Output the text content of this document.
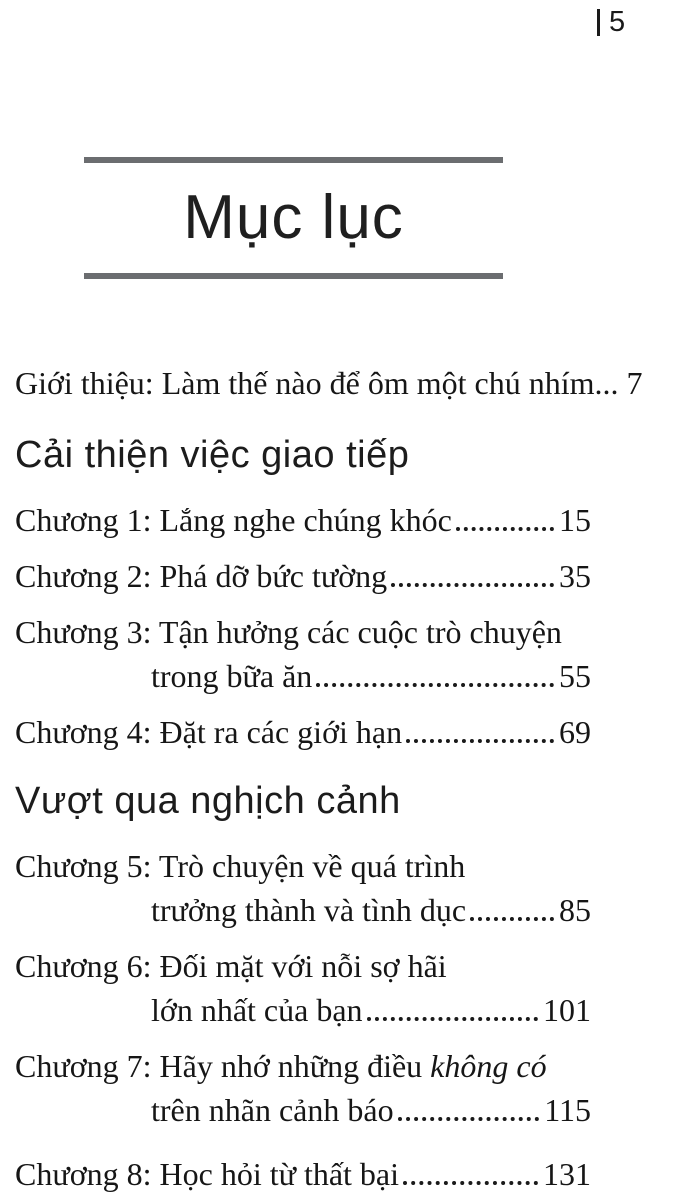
5
Mục lục
Giới thiệu: Làm thế nào để ôm một chú nhím... 7
Cải thiện việc giao tiếp
Chương 1: Lắng nghe chúng khóc	15
Chương 2: Phá dỡ bức tường	35
Chương 3: Tận hưởng các cuộc trò chuyện
trong bữa ăn	55
Chương 4: Đặt ra các giới hạn	69
Vượt qua nghịch cảnh
Chương 5: Trò chuyện về quá trình
trưởng thành và tình dục	85
Chương 6: Đối mặt với nỗi sợ hãi
lớn nhất của bạn	101
Chương 7: Hãy nhớ những điều không có
trên nhãn cảnh báo	115
Chương 8: Học hỏi từ thất bại	131
